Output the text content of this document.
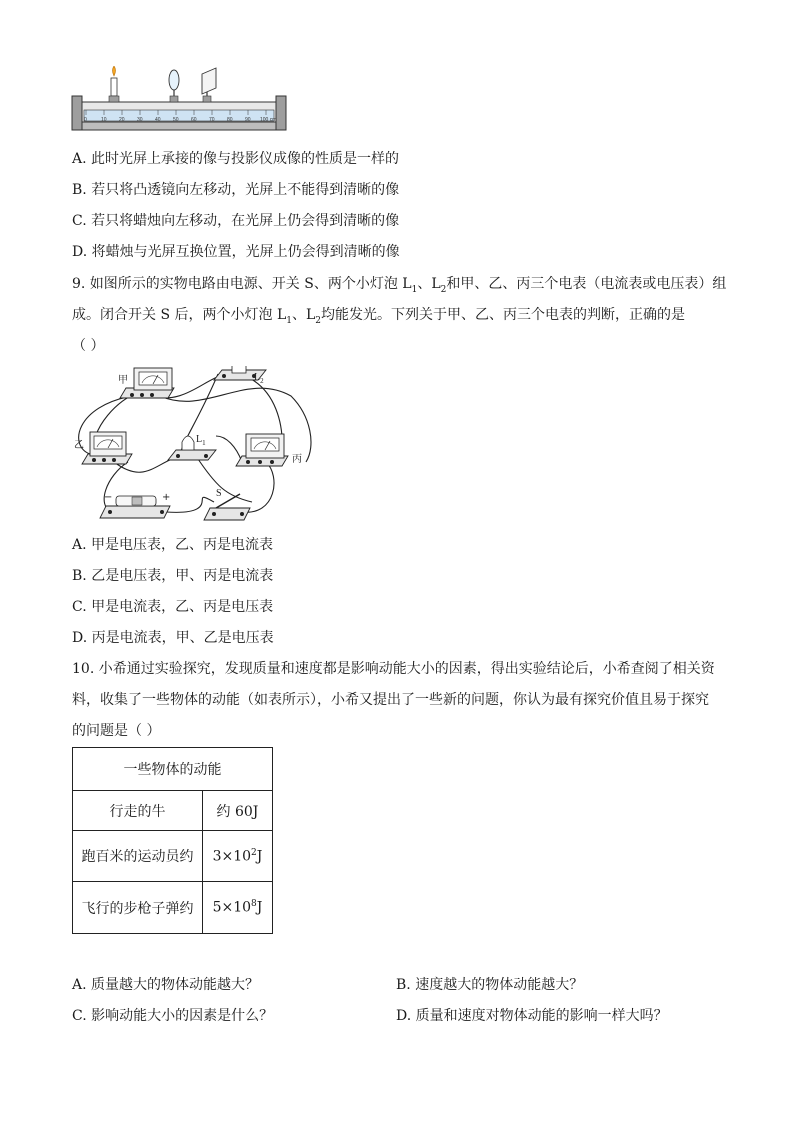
0	10 20 30 40 50 60 70 80 90 100 cm
A. 此时光屏上承接的像与投影仪成像的性质是一样的
B. 若只将凸透镜向左移动，光屏上不能得到清晰的像
C. 若只将蜡烛向左移动，在光屏上仍会得到清晰的像
D. 将蜡烛与光屏互换位置，光屏上仍会得到清晰的像
9. 如图所示的实物电路由电源、开关 S、两个小灯泡 $L_1$、$L_2$和甲、乙、丙三个电表（电流表或电压表）组
成。闭合开关 S 后，两个小灯泡 $L_1$、$L_2$均能发光。下列关于甲、乙、丙三个电表的判断，正确的是
（ ）
甲	$L_2$
乙
$L_1$
丙
−	+	S
A. 甲是电压表，乙、丙是电流表
B. 乙是电压表，甲、丙是电流表
C. 甲是电流表，乙、丙是电压表
D. 丙是电流表，甲、乙是电压表
10. 小希通过实验探究，发现质量和速度都是影响动能大小的因素，得出实验结论后，小希查阅了相关资
料，收集了一些物体的动能（如表所示），小希又提出了一些新的问题，你认为最有探究价值且易于探究
的问题是（ ）
一些物体的动能	
行走的牛	约 60J
跑百米的运动员约	$3\times 10^2J$
飞行的步枪子弹约	$5\times 10^8J$
A. 质量越大的物体动能越大？	B. 速度越大的物体动能越大？
C. 影响动能大小的因素是什么？	D. 质量和速度对物体动能的影响一样大吗？
